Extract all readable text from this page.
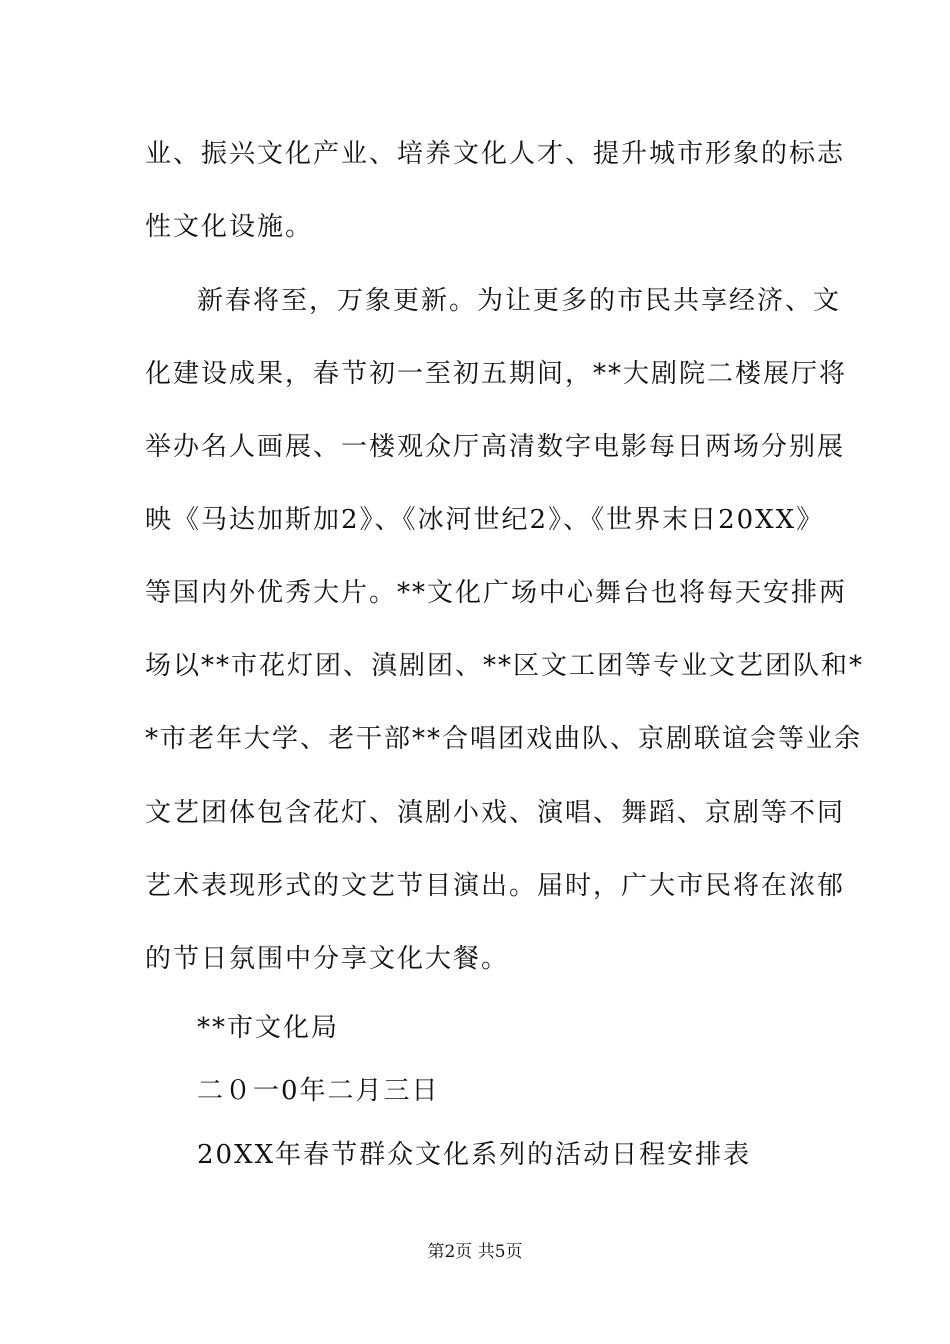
业、振兴文化产业、培养文化人才、提升城市形象的标志
性文化设施。
新春将至，万象更新。为让更多的市民共享经济、文
化建设成果，春节初一至初五期间，**大剧院二楼展厅将
举办名人画展、一楼观众厅高清数字电影每日两场分别展
映《马达加斯加2》、《冰河世纪2》、《世界末日20XX》
等国内外优秀大片。**文化广场中心舞台也将每天安排两
场以**市花灯团、滇剧团、**区文工团等专业文艺团队和*
*市老年大学、老干部**合唱团戏曲队、京剧联谊会等业余
文艺团体包含花灯、滇剧小戏、演唱、舞蹈、京剧等不同
艺术表现形式的文艺节目演出。届时，广大市民将在浓郁
的节日氛围中分享文化大餐。
**市文化局
二０一0年二月三日
20XX年春节群众文化系列的活动日程安排表
第2页 共5页
